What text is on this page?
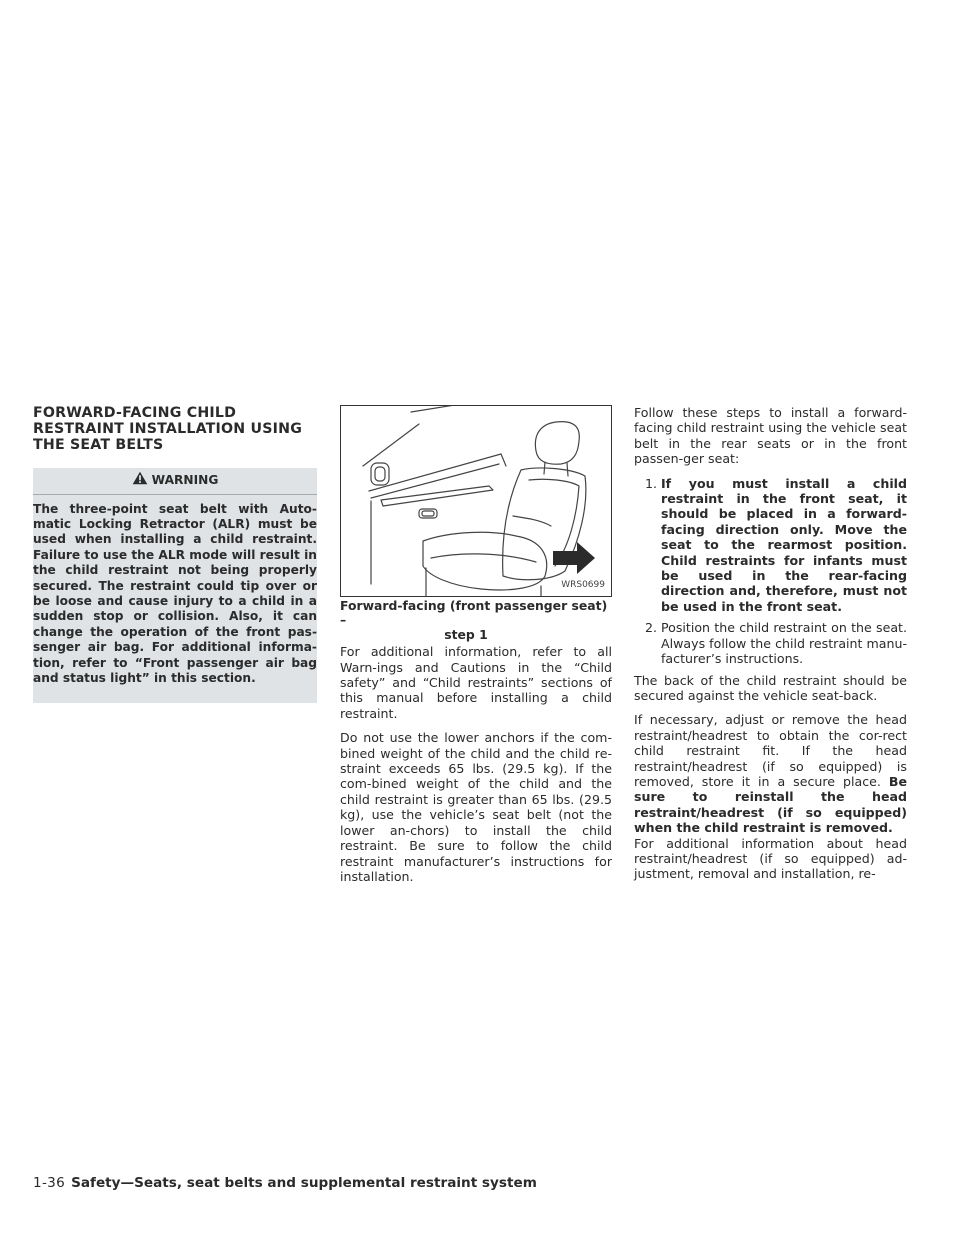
FORWARD-FACING CHILD RESTRAINT INSTALLATION USING THE SEAT BELTS
WARNING

The three-point seat belt with Auto-matic Locking Retractor (ALR) must be used when installing a child restraint. Failure to use the ALR mode will result in the child restraint not being properly secured. The restraint could tip over or be loose and cause injury to a child in a sudden stop or collision. Also, it can change the operation of the front pas-senger air bag. For additional informa-tion, refer to “Front passenger air bag and status light” in this section.

WRS0699
Forward-facing (front passenger seat) –
step 1

For additional information, refer to all Warn-ings and Cautions in the “Child safety” and “Child restraints” sections of this manual before installing a child restraint.

Do not use the lower anchors if the com-bined weight of the child and the child re-straint exceeds 65 lbs. (29.5 kg). If the com-bined weight of the child and the child restraint is greater than 65 lbs. (29.5 kg), use the vehicle’s seat belt (not the lower an-chors) to install the child restraint. Be sure to follow the child restraint manufacturer’s instructions for installation.

Follow these steps to install a forward-facing child restraint using the vehicle seat belt in the rear seats or in the front passen-ger seat:

1. If you must install a child restraint in the front seat, it should be placed in a forward-facing direction only. Move the seat to the rearmost position. Child restraints for infants must be used in the rear-facing direction and, therefore, must not be used in the front seat.
2. Position the child restraint on the seat. Always follow the child restraint manu-facturer’s instructions.

The back of the child restraint should be secured against the vehicle seat-back.

If necessary, adjust or remove the head restraint/headrest to obtain the cor-rect child restraint fit. If the head restraint/headrest (if so equipped) is removed, store it in a secure place. Be sure to reinstall the head restraint/headrest (if so equipped) when the child restraint is removed.

For additional information about head restraint/headrest (if so equipped) ad-justment, removal and installation, re-

1-36 Safety—Seats, seat belts and supplemental restraint system
